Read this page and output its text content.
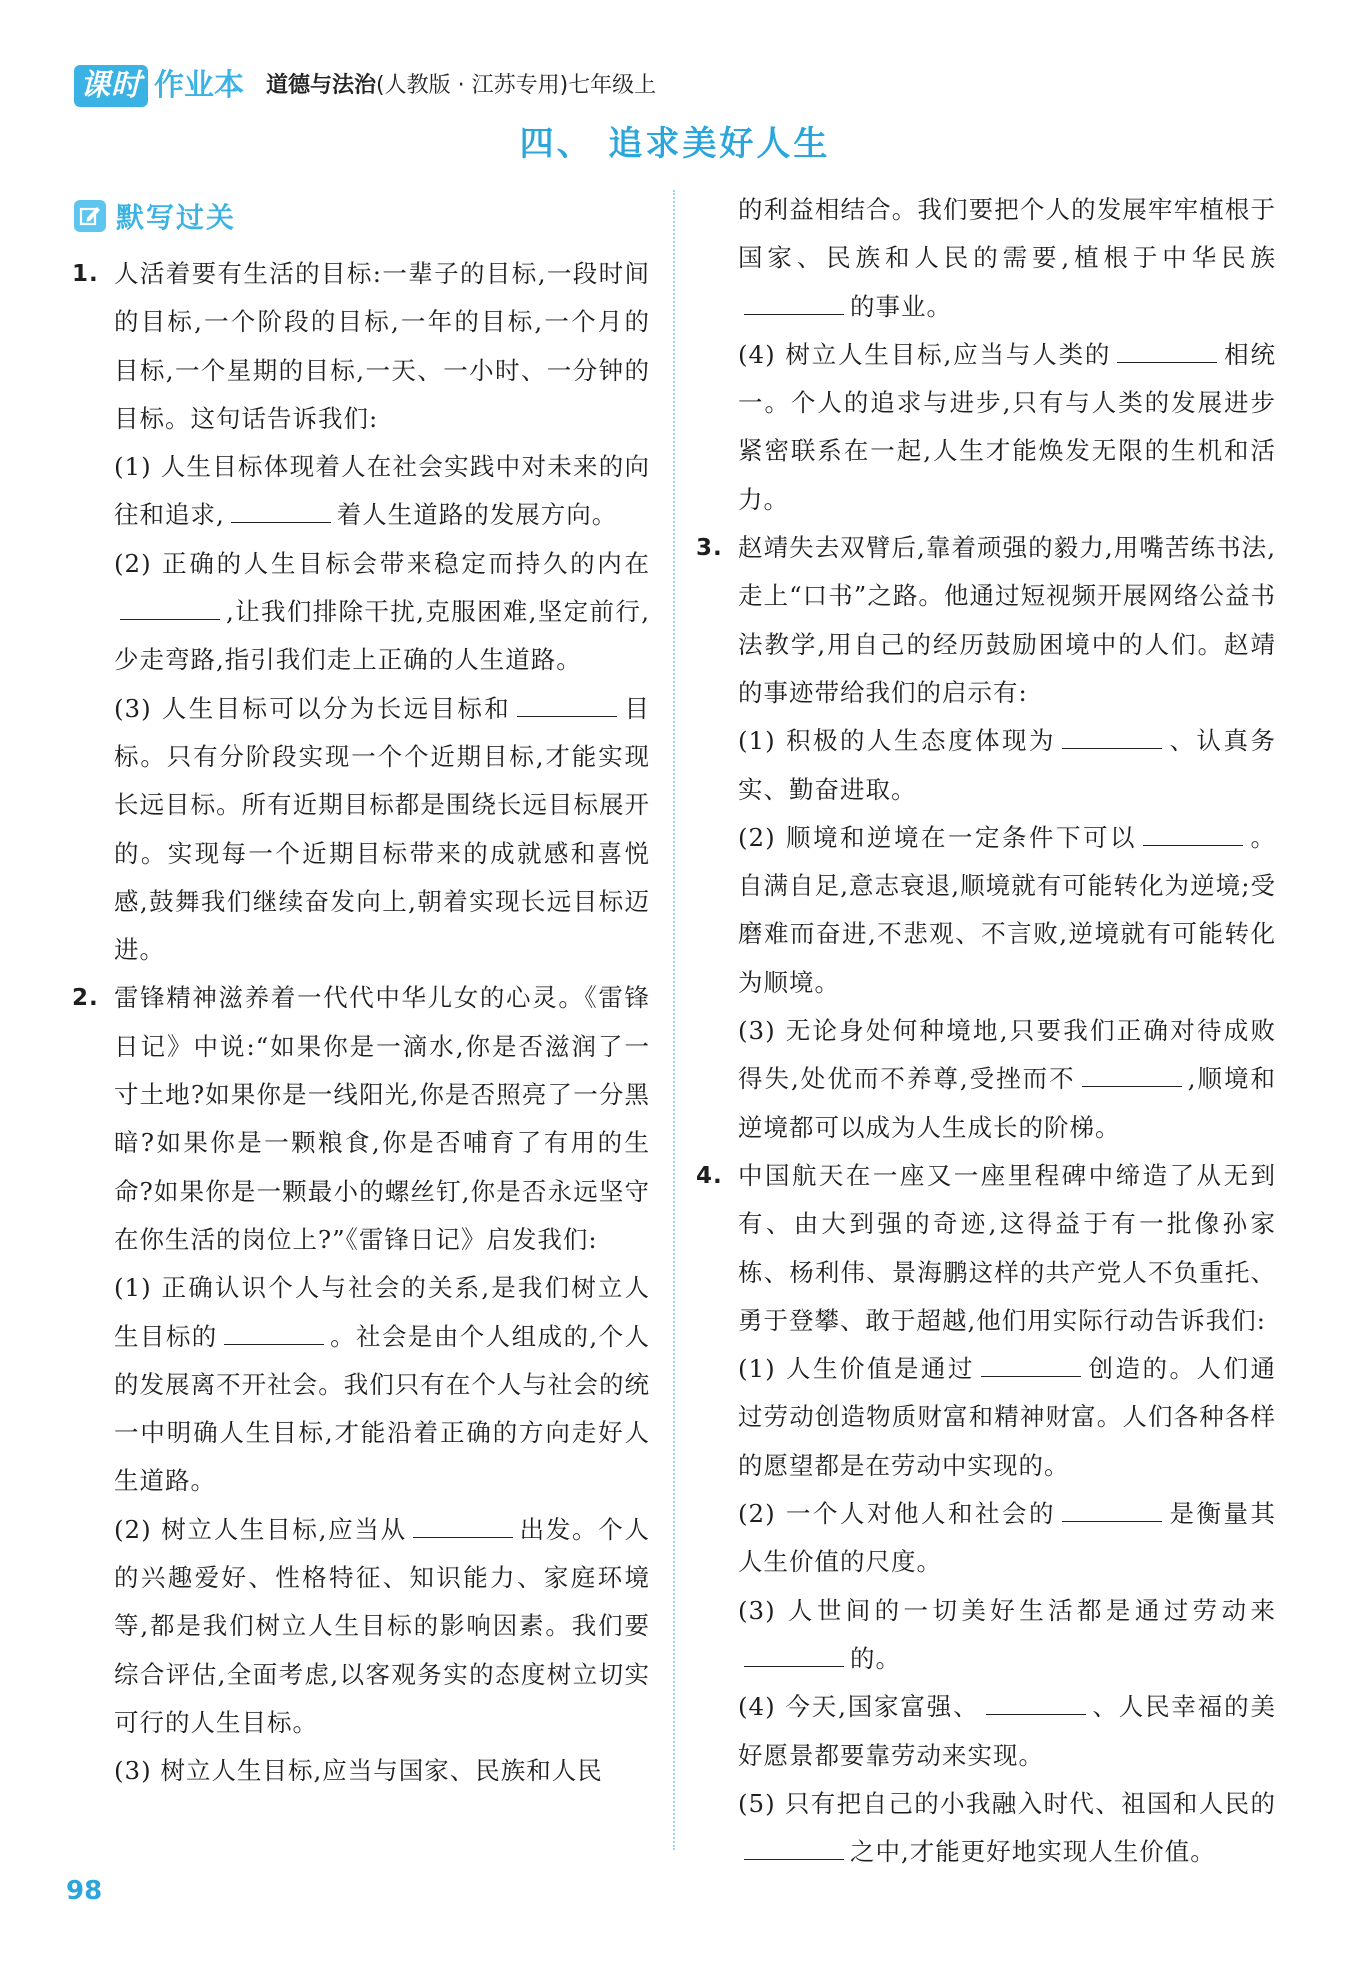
课时 作业本 道德与法治(人教版 · 江苏专用)七年级上
四、 追求美好人生
默写过关
1. 人活着要有生活的目标:一辈子的目标,一段时间的目标,一个阶段的目标,一年的目标,一个月的目标,一个星期的目标,一天、一小时、一分钟的目标。这句话告诉我们:
(1) 人生目标体现着人在社会实践中对未来的向往和追求,	着人生道路的发展方向。
(2) 正确的人生目标会带来稳定而持久的内在,让我们排除干扰,克服困难,坚定前行,少走弯路,指引我们走上正确的人生道路。
(3) 人生目标可以分为长远目标和	目标。只有分阶段实现一个个近期目标,才能实现长远目标。所有近期目标都是围绕长远目标展开的。实现每一个近期目标带来的成就感和喜悦感,鼓舞我们继续奋发向上,朝着实现长远目标迈进。
2. 雷锋精神滋养着一代代中华儿女的心灵。《雷锋日记》中说:“如果你是一滴水,你是否滋润了一寸土地?如果你是一线阳光,你是否照亮了一分黑暗?如果你是一颗粮食,你是否哺育了有用的生命?如果你是一颗最小的螺丝钉,你是否永远坚守在你生活的岗位上?”《雷锋日记》启发我们:
(1) 正确认识个人与社会的关系,是我们树立人生目标的	。社会是由个人组成的,个人的发展离不开社会。我们只有在个人与社会的统一中明确人生目标,才能沿着正确的方向走好人生道路。
(2) 树立人生目标,应当从	出发。个人的兴趣爱好、性格特征、知识能力、家庭环境等,都是我们树立人生目标的影响因素。我们要综合评估,全面考虑,以客观务实的态度树立切实可行的人生目标。
(3) 树立人生目标,应当与国家、民族和人民
的利益相结合。我们要把个人的发展牢牢植根于国家、民族和人民的需要,植根于中华民族的事业。
(4) 树立人生目标,应当与人类的	相统一。个人的追求与进步,只有与人类的发展进步紧密联系在一起,人生才能焕发无限的生机和活力。
3. 赵靖失去双臂后,靠着顽强的毅力,用嘴苦练书法,走上“口书”之路。他通过短视频开展网络公益书法教学,用自己的经历鼓励困境中的人们。赵靖的事迹带给我们的启示有:
(1) 积极的人生态度体现为	、认真务实、勤奋进取。
(2) 顺境和逆境在一定条件下可以	。自满自足,意志衰退,顺境就有可能转化为逆境;受磨难而奋进,不悲观、不言败,逆境就有可能转化为顺境。
(3) 无论身处何种境地,只要我们正确对待成败得失,处优而不养尊,受挫而不	,顺境和逆境都可以成为人生成长的阶梯。
4. 中国航天在一座又一座里程碑中缔造了从无到有、由大到强的奇迹,这得益于有一批像孙家栋、杨利伟、景海鹏这样的共产党人不负重托、勇于登攀、敢于超越,他们用实际行动告诉我们:
(1) 人生价值是通过	创造的。人们通过劳动创造物质财富和精神财富。人们各种各样的愿望都是在劳动中实现的。
(2) 一个人对他人和社会的	是衡量其人生价值的尺度。
(3) 人世间的一切美好生活都是通过劳动来的。
(4) 今天,国家富强、	、人民幸福的美好愿景都要靠劳动来实现。
(5) 只有把自己的小我融入时代、祖国和人民的之中,才能更好地实现人生价值。
98
